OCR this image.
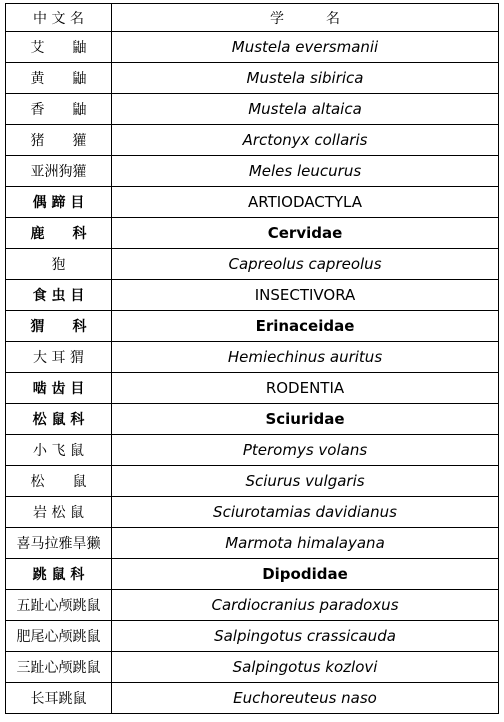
中 文 名	学　　　名
艾　　鼬	Mustela eversmanii
黄　　鼬	Mustela sibirica
香　　鼬	Mustela altaica
猪　　獾	Arctonyx collaris
亚洲狗獾	Meles leucurus
偶 蹄 目	ARTIODACTYLA
鹿　　科	Cervidae
狍	Capreolus capreolus
食 虫 目	INSECTIVORA
猬　　科	Erinaceidae
大 耳 猬	Hemiechinus auritus
啮 齿 目	RODENTIA
松 鼠 科	Sciuridae
小 飞 鼠	Pteromys volans
松　　鼠	Sciurus vulgaris
岩 松 鼠	Sciurotamias davidianus
喜马拉雅旱獭	Marmota himalayana
跳 鼠 科	Dipodidae
五趾心颅跳鼠	Cardiocranius paradoxus
肥尾心颅跳鼠	Salpingotus crassicauda
三趾心颅跳鼠	Salpingotus kozlovi
长耳跳鼠	Euchoreuteus naso
